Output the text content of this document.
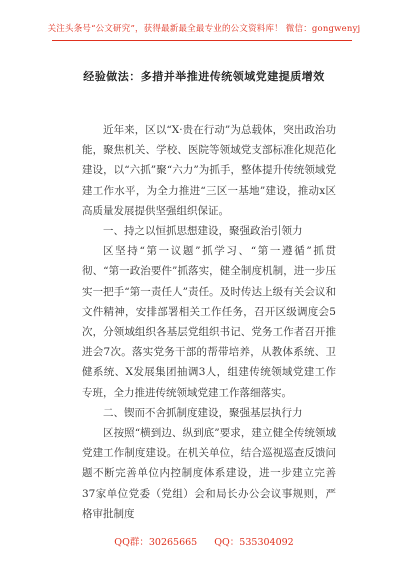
关注头条号“公文研究”，获得最新最全最专业的公文资料库！ 微信：gongwenyj
经验做法：多措并举推进传统领域党建提质增效

近年来，区以“X·贵在行动”为总载体，突出政治功能，聚焦机关、学校、医院等领域党支部标准化规范化建设，以“六抓”聚“六力”为抓手，整体提升传统领域党建工作水平，为全力推进“三区一基地”建设，推动x区高质量发展提供坚强组织保证。

一、持之以恒抓思想建设，聚强政治引领力

区坚持“第一议题”抓学习、“第一遵循”抓贯彻、“第一政治要件”抓落实，健全制度机制，进一步压实一把手“第一责任人”责任。及时传达上级有关会议和文件精神，安排部署相关工作任务，召开区级调度会5次，分领域组织各基层党组织书记、党务工作者召开推进会7次。落实党务干部的帮带培养，从教体系统、卫健系统、X发展集团抽调3人，组建传统领域党建工作专班，全力推进传统领域党建工作落细落实。

二、锲而不舍抓制度建设，聚强基层执行力

区按照“横到边、纵到底”要求，建立健全传统领域党建工作制度建设。在机关单位，结合巡视巡查反馈问题不断完善单位内控制度体系建设，进一步建立完善37家单位党委（党组）会和局长办公会议事规则，严格审批制度

QQ群：30265665 QQ：535304092
